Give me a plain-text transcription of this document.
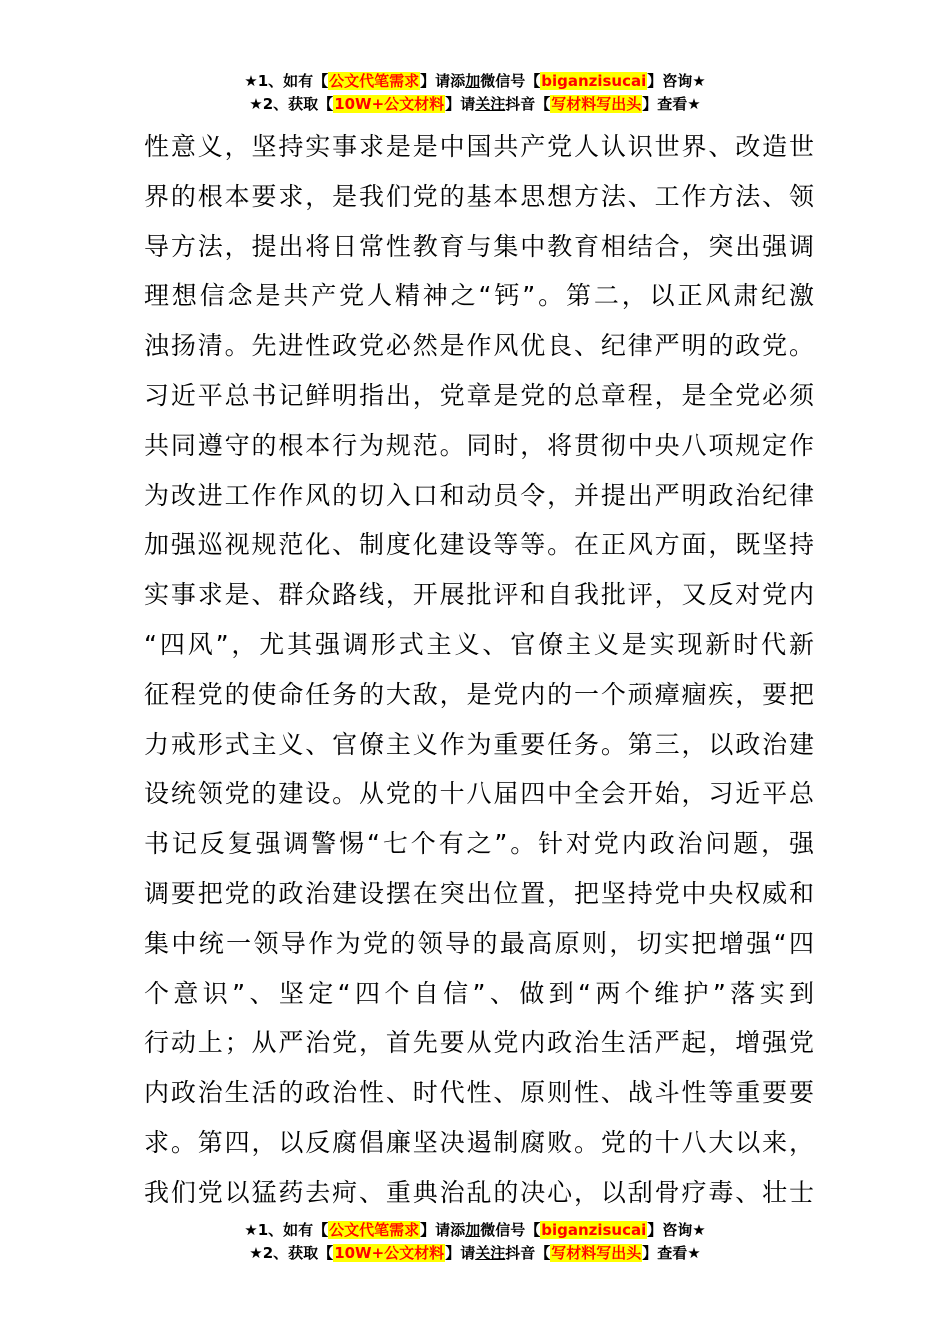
★1、如有【公文代笔需求】请添加微信号【biganzisucai】咨询★
★2、获取【10W+公文材料】请关注抖音【写材料写出头】查看★
性意义，坚持实事求是是中国共产党人认识世界、改造世
界的根本要求，是我们党的基本思想方法、工作方法、领
导方法，提出将日常性教育与集中教育相结合，突出强调
理想信念是共产党人精神之“钙”。第二，以正风肃纪激
浊扬清。先进性政党必然是作风优良、纪律严明的政党。
习近平总书记鲜明指出，党章是党的总章程，是全党必须
共同遵守的根本行为规范。同时，将贯彻中央八项规定作
为改进工作作风的切入口和动员令，并提出严明政治纪律
加强巡视规范化、制度化建设等等。在正风方面，既坚持
实事求是、群众路线，开展批评和自我批评，又反对党内
“四风”，尤其强调形式主义、官僚主义是实现新时代新
征程党的使命任务的大敌，是党内的一个顽瘴痼疾，要把
力戒形式主义、官僚主义作为重要任务。第三，以政治建
设统领党的建设。从党的十八届四中全会开始，习近平总
书记反复强调警惕“七个有之”。针对党内政治问题，强
调要把党的政治建设摆在突出位置，把坚持党中央权威和
集中统一领导作为党的领导的最高原则，切实把增强“四
个意识”、坚定“四个自信”、做到“两个维护”落实到
行动上；从严治党，首先要从党内政治生活严起，增强党
内政治生活的政治性、时代性、原则性、战斗性等重要要
求。第四，以反腐倡廉坚决遏制腐败。党的十八大以来，
我们党以猛药去疴、重典治乱的决心，以刮骨疗毒、壮士
★1、如有【公文代笔需求】请添加微信号【biganzisucai】咨询★
★2、获取【10W+公文材料】请关注抖音【写材料写出头】查看★
